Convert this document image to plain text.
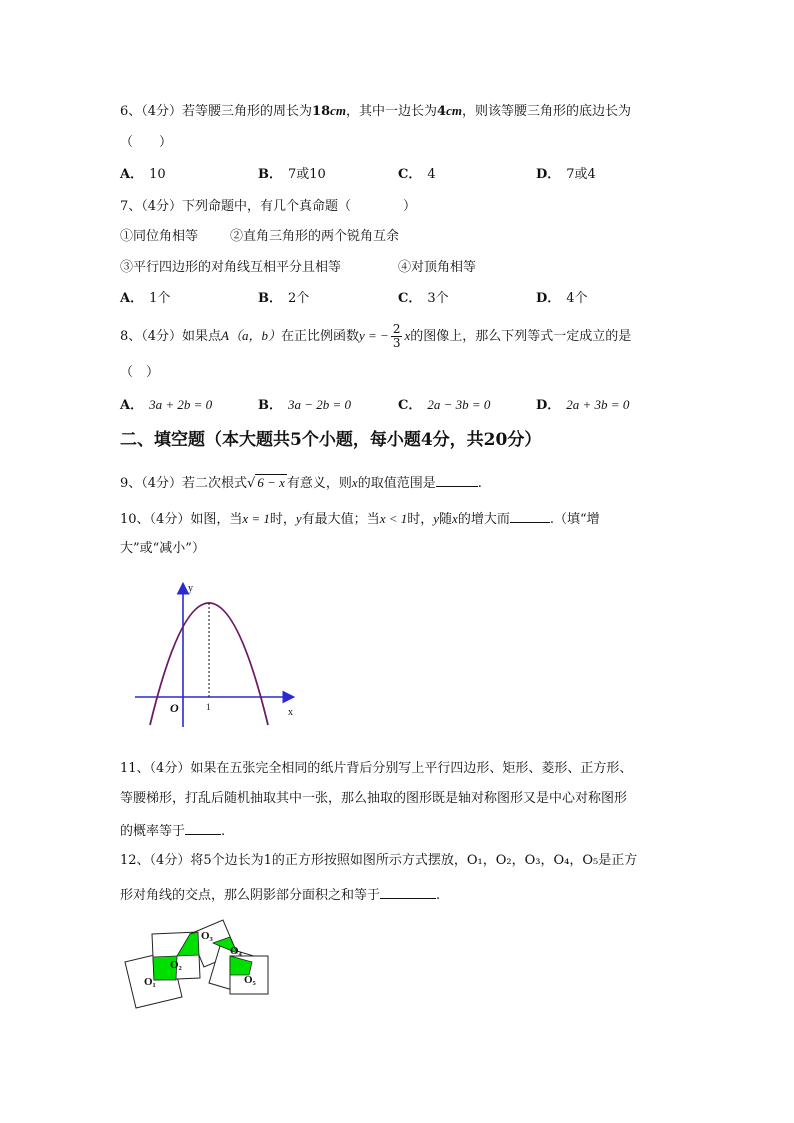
6、（4分）若等腰三角形的周长为18cm，其中一边长为4cm，则该等腰三角形的底边长为
（　　）
A． 10	B． 7或10	C． 4	D． 7或4
7、（4分）下列命题中，有几个真命题（　　　　）
①同位角相等 ②直角三角形的两个锐角互余
③平行四边形的对角线互相平分且相等	④对顶角相等
A． 1个	B． 2个	C． 3个	D． 4个
8、（4分）如果点A（a，b）在正比例函数y = − $\frac{2}{3}$ x的图像上，那么下列等式一定成立的是
（　）
A． 3a + 2b = 0	B． 3a − 2b = 0	C． 2a − 3b = 0	D． 2a + 3b = 0
二、填空题（本大题共5个小题，每小题4分，共20分）
9、（4分）若二次根式√ 6 − x 有意义，则x的取值范围是	.
10、（4分）如图，当x = 1时，y有最大值；当x < 1时，y随x的增大而	.（填“增
大”或“减小”）
y
x
O	1
11、（4分）如果在五张完全相同的纸片背后分别写上平行四边形、矩形、菱形、正方形、
等腰梯形，打乱后随机抽取其中一张，那么抽取的图形既是轴对称图形又是中心对称图形
的概率等于	.
12、（4分）将5个边长为1的正方形按照如图所示方式摆放，O₁，O₂，O₃，O₄，O₅是正方
形对角线的交点，那么阴影部分面积之和等于	.
O₁
O₂
O₃
O₄
O₅
